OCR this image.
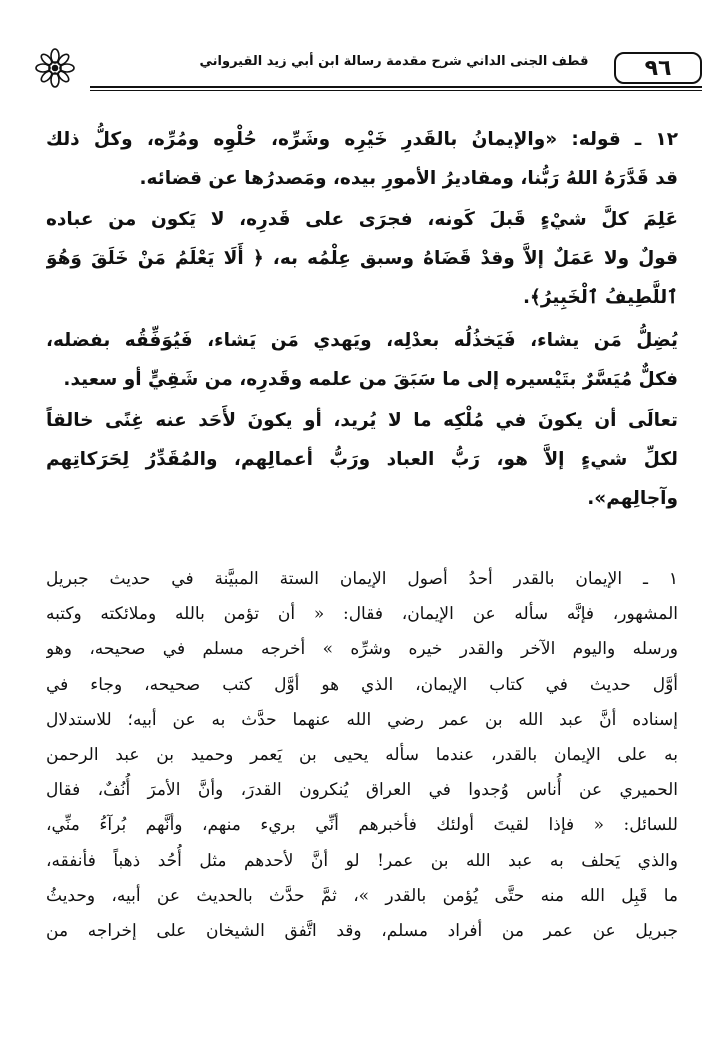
قطف الجنى الداني شرح مقدمة رسالة ابن أبي زيد القيرواني	٩٦
١٢ ـ قوله: «والإيمانُ بالقَدرِ خَيْرِه وشَرِّه، حُلْوِه ومُرِّه، وكلُّ ذلك
قد قَدَّرَهُ اللهُ رَبُّنا، ومقاديرُ الأمورِ بيده، ومَصدرُها عن قضائه.
عَلِمَ كلَّ شيْءٍ قَبلَ كَونه، فجرَى على قَدرِه، لا يَكون من عباده
قولٌ ولا عَمَلٌ إلاَّ وقدْ قَضَاهُ وسبق عِلْمُه به، ﴿ أَلَا يَعْلَمُ مَنْ خَلَقَ وَهُوَ
ٱللَّطِيفُ ٱلْخَبِيرُ﴾.
يُضِلُّ مَن يشاء، فَيَخذُلُه بعدْلِه، ويَهدي مَن يَشاء، فَيُوَفِّقُه بفضله،
فكلٌّ مُيَسَّرٌ بتَيْسيره إلى ما سَبَقَ من علمه وقَدرِه، من شَقِيٍّ أو سعيد.
تعالَى أن يكونَ في مُلْكِه ما لا يُريد، أو يكونَ لأَحَد عنه غِنًى خالقاً
لكلِّ شيءٍ إلاَّ هو، رَبُّ العباد ورَبُّ أعمالِهم، والمُقَدِّرُ لِحَرَكاتِهم
وآجالِهم».
١ ـ الإيمان بالقدر أحدُ أصول الإيمان الستة المبيَّنة في حديث جبريل
المشهور، فإنَّه سأله عن الإيمان، فقال: « أن تؤمن بالله وملائكته وكتبه
ورسله واليوم الآخر والقدر خيره وشرِّه » أخرجه مسلم في صحيحه، وهو
أوَّل حديث في كتاب الإيمان، الذي هو أوَّل كتب صحيحه، وجاء في
إسناده أنَّ عبد الله بن عمر رضي الله عنهما حدَّث به عن أبيه؛ للاستدلال
به على الإيمان بالقدر، عندما سأله يحيى بن يَعمر وحميد بن عبد الرحمن
الحميري عن أُناس وُجدوا في العراق يُنكرون القدرَ، وأنَّ الأمرَ أُنُفٌ، فقال
للسائل: « فإذا لقيتَ أولئك فأخبرهم أنِّي بريء منهم، وأنَّهم بُرآءُ منِّي،
والذي يَحلف به عبد الله بن عمر! لو أنَّ لأحدهم مثل أُحُد ذهباً فأنفقه،
ما قَبِل الله منه حتَّى يُؤمن بالقدر »، ثمَّ حدَّث بالحديث عن أبيه، وحديثُ
جبريل عن عمر من أفراد مسلم، وقد اتَّفق الشيخان على إخراجه من
